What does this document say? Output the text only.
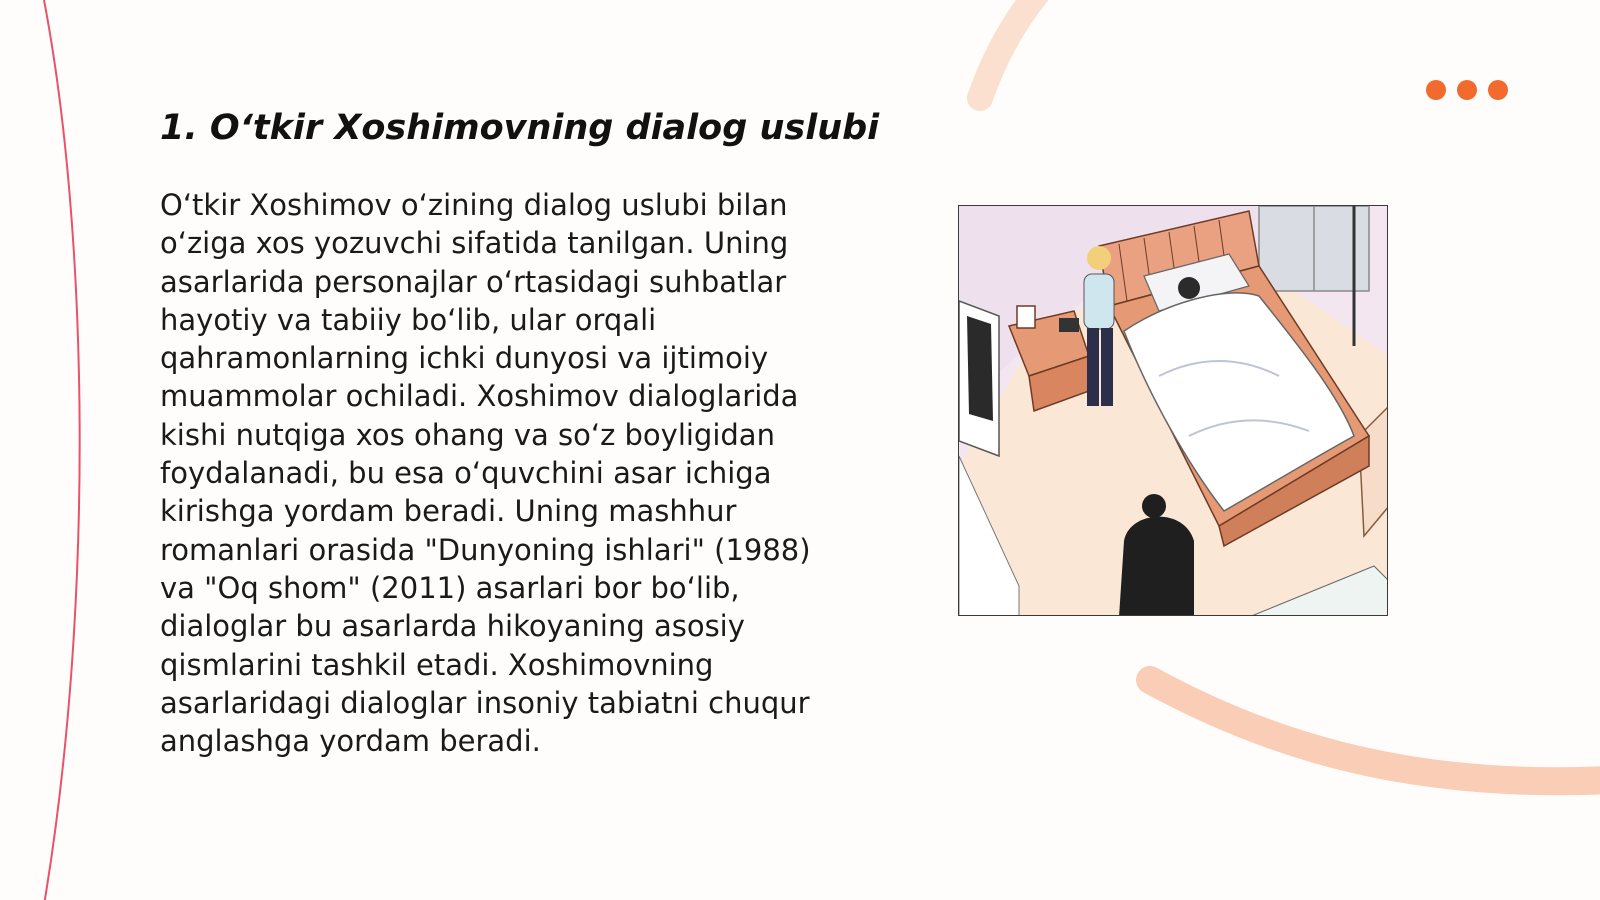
1. O‘tkir Xoshimovning dialog uslubi

O‘tkir Xoshimov o‘zining dialog uslubi bilan o‘ziga xos yozuvchi sifatida tanilgan. Uning asarlarida personajlar o‘rtasidagi suhbatlar hayotiy va tabiiy bo‘lib, ular orqali qahramonlarning ichki dunyosi va ijtimoiy muammolar ochiladi. Xoshimov dialoglarida kishi nutqiga xos ohang va so‘z boyligidan foydalanadi, bu esa o‘quvchini asar ichiga kirishga yordam beradi. Uning mashhur romanlari orasida "Dunyoning ishlari" (1988) va "Oq shom" (2011) asarlari bor bo‘lib, dialoglar bu asarlarda hikoyaning asosiy qismlarini tashkil etadi. Xoshimovning asarlaridagi dialoglar insoniy tabiatni chuqur anglashga yordam beradi.
